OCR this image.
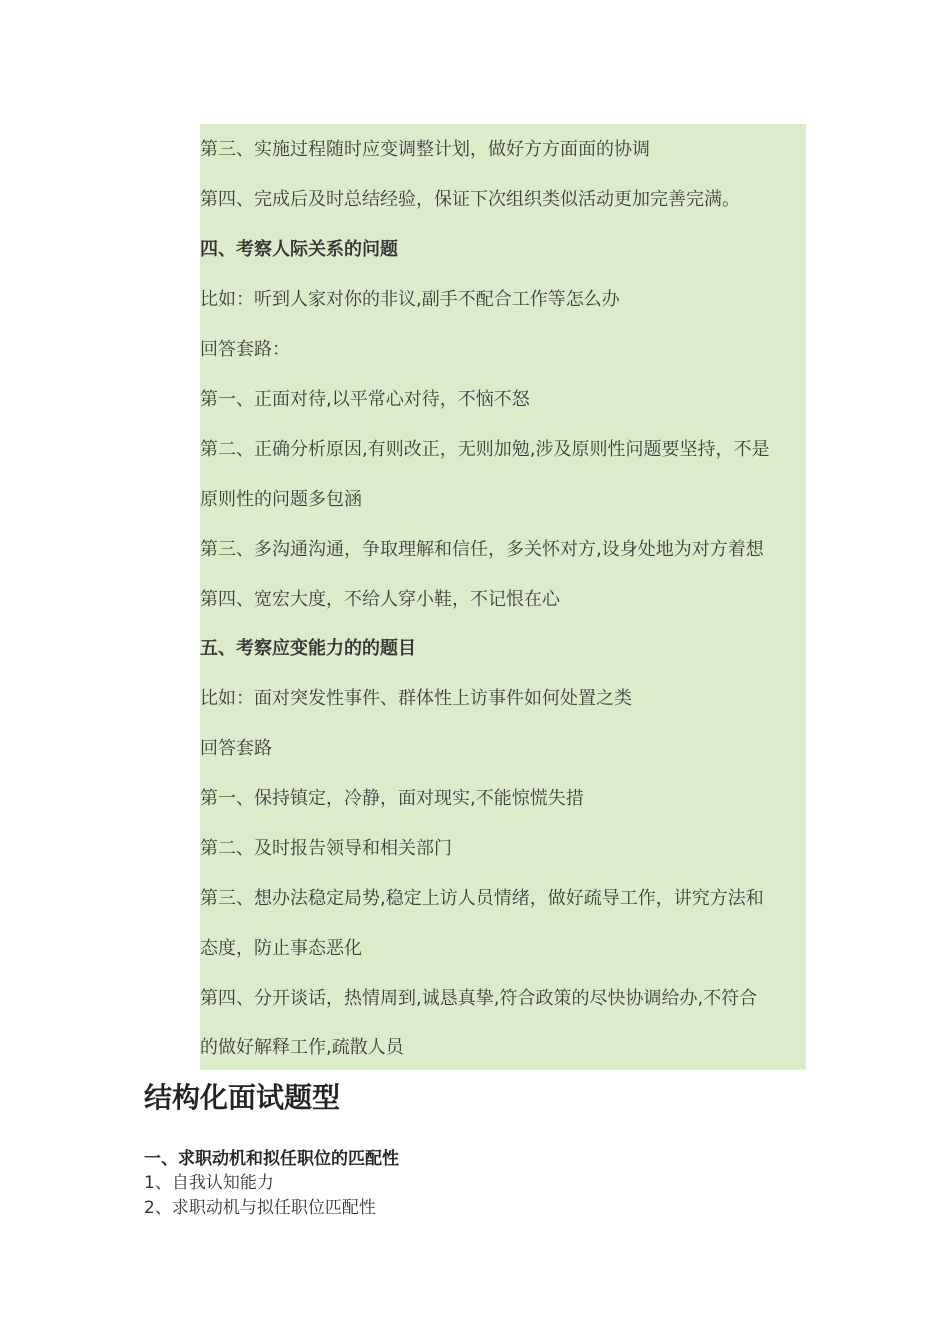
第三、实施过程随时应变调整计划，做好方方面面的协调
第四、完成后及时总结经验，保证下次组织类似活动更加完善完满。
四、考察人际关系的问题
比如：听到人家对你的非议,副手不配合工作等怎么办
回答套路：
第一、正面对待,以平常心对待，不恼不怒
第二、正确分析原因,有则改正，无则加勉,涉及原则性问题要坚持，不是
原则性的问题多包涵
第三、多沟通沟通，争取理解和信任，多关怀对方,设身处地为对方着想
第四、宽宏大度，不给人穿小鞋，不记恨在心
五、考察应变能力的的题目
比如：面对突发性事件、群体性上访事件如何处置之类
回答套路
第一、保持镇定，冷静，面对现实,不能惊慌失措
第二、及时报告领导和相关部门
第三、想办法稳定局势,稳定上访人员情绪，做好疏导工作，讲究方法和
态度，防止事态恶化
第四、分开谈话，热情周到,诚恳真挚,符合政策的尽快协调给办,不符合
的做好解释工作,疏散人员
结构化面试题型
一、求职动机和拟任职位的匹配性
1、自我认知能力
2、求职动机与拟任职位匹配性
